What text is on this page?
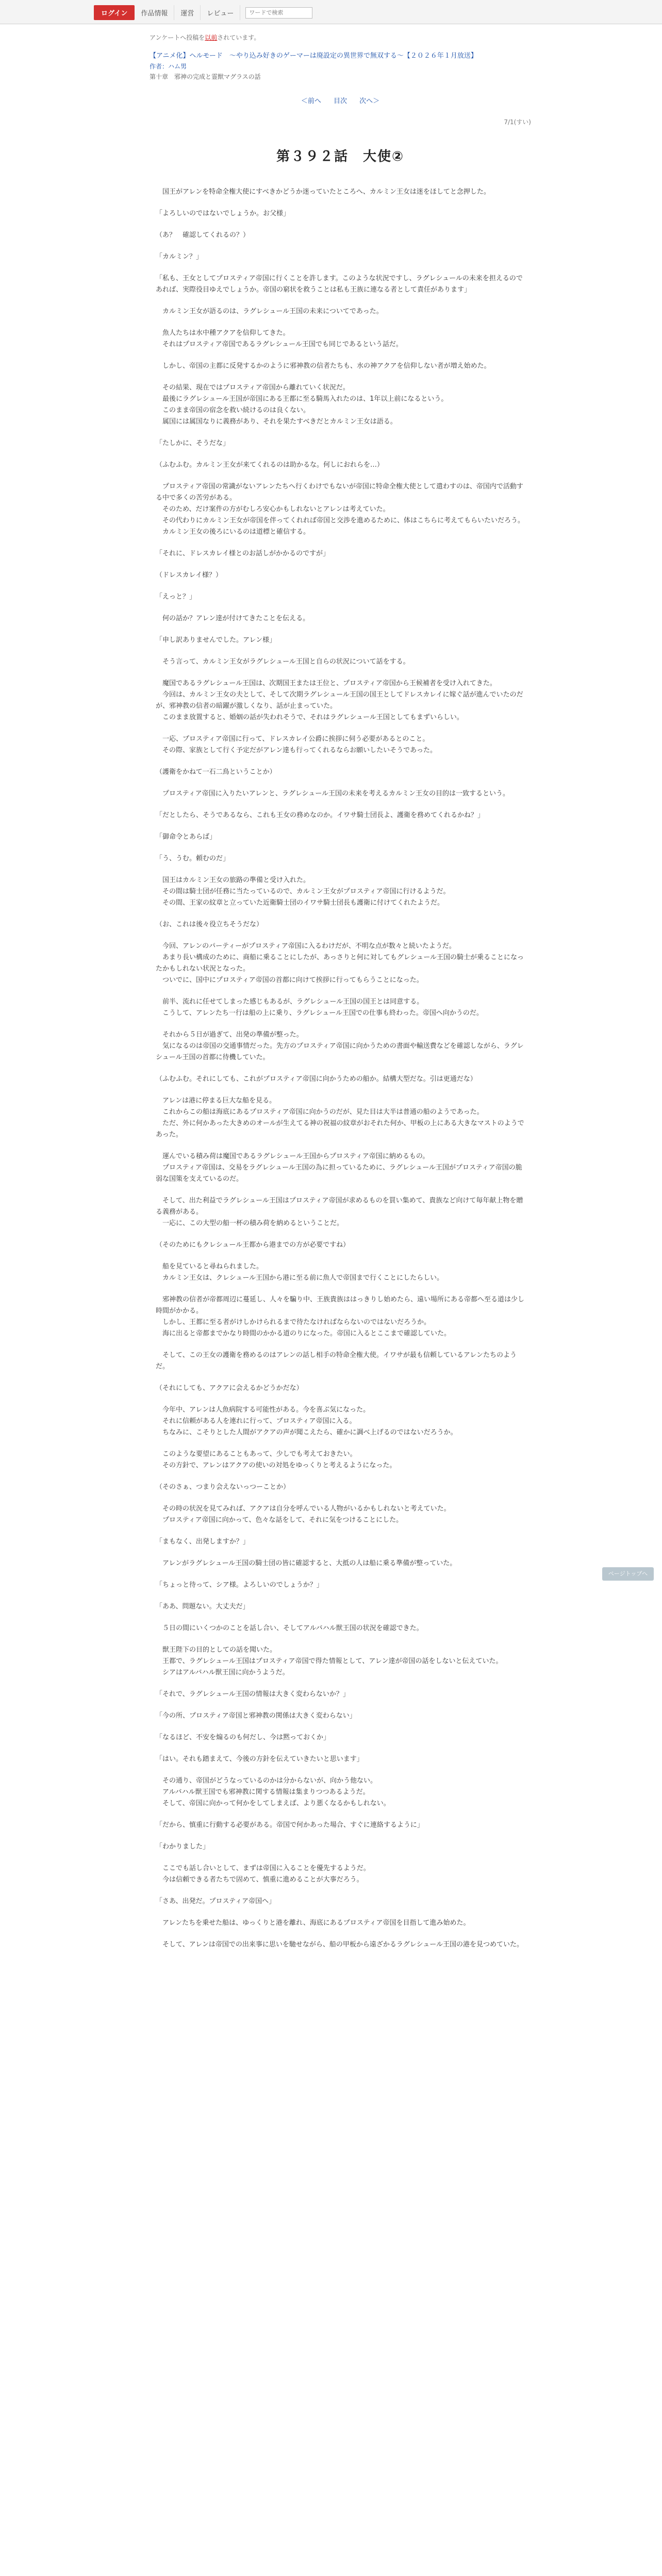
ログイン	作品情報	運営	レビュー
ワードで検索
アンケートへ投稿を以前されています。
【アニメ化】ヘルモード　～やり込み好きのゲーマーは廃設定の異世界で無双する～【２０２６年１月放送】
作者：ハム男
第十章　邪神の完成と霊獣マグラスの話
＜前へ 目次 次へ＞
7/1(すい)
第３９２話　大使②

　国王がアレンを特命全権大使にすべきかどうか迷っていたところへ、カルミン王女は迷をほしてと念押した。

「よろしいのではないでしょうか。お父様」

（あ？　確認してくれるの？）

「カルミン？」

「私も、王女としてプロスティア帝国に行くことを許します。このような状況ですし、ラグレシュールの未来を担えるのであれば、実際役目ゆえでしょうか。帝国の窮状を救うことは私も王族に連なる者として責任があります」

　カルミン王女が語るのは、ラグレシュール王国の未来についてであった。

　魚人たちは水中種アクアを信仰してきた。
　それはプロスティア帝国であるラグレシュール王国でも同じであるという話だ。

　しかし、帝国の主都に反発するかのように邪神教の信者たちも、水の神アクアを信仰しない者が増え始めた。

　その結果、現在ではプロスティア帝国から離れていく状況だ。
　最後にラグレシュール王国が帝国にある王都に至る騎馬入れたのは、1年以上前になるという。
　このまま帝国の宿念を救い続けるのは良くない。
　属国には属国なりに義務があり、それを果たすべきだとカルミン王女は語る。

「たしかに、そうだな」

（ふむふむ。カルミン王女が来てくれるのは助かるな。何しにおれらを…）

　プロスティア帝国の常識がないアレンたちへ行くわけでもないが帝国に特命全権大使として遣わすのは、帝国内で活動する中で多くの苦労がある。
　そのため、だけ案件の方がむしろ安心かもしれないとアレンは考えていた。
　その代わりにカルミン王女が帝国を伴ってくれれば帝国と交渉を進めるために、体はこちらに考えてもらいたいだろう。
　カルミン王女の後ろにいるのは道標と確信する。

「それに、ドレスカレイ様とのお話しがかかるのですが」

（ドレスカレイ様？）

「えっと？」

　何の話か？アレン達が付けてきたことを伝える。

「申し訳ありませんでした。アレン様」

　そう言って、カルミン王女がラグレシュール王国と自らの状況について話をする。

　魔国であるラグレシュール王国は、次期国王または王位と、プロスティア帝国から王候補者を受け入れてきた。
　今回は、カルミン王女の夫として、そして次期ラグレシュール王国の国王としてドレスカレイに嫁ぐ話が進んでいたのだが、邪神教の信者の暗躍が激しくなり、話が止まっていた。
　このまま放置すると、婚姻の話が失われそうで、それはラグレシュール王国としてもまずいらしい。

　一応、プロスティア帝国に行って、ドレスカレイ公爵に挨拶に伺う必要があるとのこと。
　その際、家族として行く予定だがアレン達も行ってくれるならお願いしたいそうであった。

（護衛をかねて一石二鳥ということか）

　プロスティア帝国に入りたいアレンと、ラグレシュール王国の未来を考えるカルミン王女の目的は一致するという。

「だとしたら、そうであるなら、これも王女の務めなのか。イワサ騎士団長よ、護衛を務めてくれるかね？」

「御命令とあらば」

「う、うむ。頼むのだ」

　国王はカルミン王女の旅路の準備と受け入れた。
　その間は騎士団が任務に当たっているので、カルミン王女がプロスティア帝国に行けるようだ。
　その間、王家の紋章と立っていた近衛騎士団のイワサ騎士団長も護衛に付けてくれたようだ。

（お、これは後々役立ちそうだな）

　今回、アレンのパーティーがプロスティア帝国に入るわけだが、不明な点が数々と続いたようだ。
　あまり長い構成のために、商船に乗ることにしたが、あっさりと何に対してもグレシュール王国の騎士が乗ることになったかもしれない状況となった。
　ついでに、国中にプロスティア帝国の首都に向けて挨拶に行ってもらうことになった。

　前半、流れに任せてしまった感じもあるが、ラグレシュール王国の国王とは同意する。
　こうして、アレンたち一行は船の上に乗り、ラグレシュール王国での仕事も終わった。帝国へ向かうのだ。

　それから５日が過ぎて、出発の準備が整った。
　気になるのは帝国の交通事情だった。先方のプロスティア帝国に向かうための書面や輸送費などを確認しながら、ラグレシュール王国の首都に待機していた。

（ふむふむ。それにしても、これがプロスティア帝国に向かうための船か。結構大型だな。引は更通だな）

　アレンは港に停まる巨大な船を見る。
　これからこの船は海底にあるプロスティア帝国に向かうのだが、見た目は大半は普通の船のようであった。
　ただ、外に何かあった大きめのオールが生えてる神の祝福の紋章がおそれた何か、甲板の上にある大きなマストのようであった。

　運んでいる積み荷は魔国であるラグレシュール王国からプロスティア帝国に納めるもの。
　プロスティア帝国は、交易をラグレシュール王国の為に担っているために、ラグレシュール王国がプロスティア帝国の脆弱な国策を支えているのだ。

　そして、出た利益でラグレシュール王国はプロスティア帝国が求めるものを買い集めて、貴族など向けて毎年献上物を贈る義務がある。
　一応に、この大型の船一杯の積み荷を納めるということだ。

（そのためにもクレシュール王都から港までの方が必要ですね）

　船を見ていると尋ねられました。
　カルミン王女は、クレシュール王国から港に至る前に魚人で帝国まで行くことにしたらしい。

　邪神教の信者が帝都周辺に蔓延し、人々を騙り中、王族貴族ははっきりし始めたら、遠い場所にある帝都へ至る道は少し時間がかかる。
　しかし、王都に至る者がけしかけられるまで待たなければならないのではないだろうか。
　海に出ると帝都までかなり時間のかかる道のりになった。帝国に入るとここまで確認していた。

　そして、この王女の護衛を務めるのはアレンの話し相手の特命全権大使。イワサが最も信頼しているアレンたちのようだ。

（それにしても、アクアに会えるかどうかだな）

　今年中、アレンは人魚病院する可能性がある。今を喜ぶ気になった。
　それに信頼がある人を連れに行って、プロスティア帝国に入る。
　ちなみに、こそりとした人間がアクアの声が聞こえたら、確かに調べ上げるのではないだろうか。

　このような要望にあることもあって、少しでも考えておきたい。
　その方針で、アレンはアクアの使いの対処をゆっくりと考えるようになった。

（そのさぁ、つまり会えないっつーことか）

　その時の状況を見てみれば、アクアは自分を呼んでいる人物がいるかもしれないと考えていた。
　プロスティア帝国に向かって、色々な話をして、それに気をつけることにした。

「まもなく、出発しますか？」

　アレンがラグレシュール王国の騎士団の皆に確認すると、大抵の人は船に乗る準備が整っていた。

「ちょっと待って、シア様。よろしいのでしょうか？」

「ああ、問題ない。大丈夫だ」

　５日の間にいくつかのことを話し合い、そしてアルバハル獣王国の状況を確認できた。

　獣王陛下の目的としての話を聞いた。
　王都で、ラグレシュール王国はプロスティア帝国で得た情報として、アレン達が帝国の話をしないと伝えていた。
　シアはアルバハル獣王国に向かうようだ。

「それで、ラグレシュール王国の情報は大きく変わらないか？」

「今の所、プロスティア帝国と邪神教の関係は大きく変わらない」

「なるほど、不安を煽るのも何だし、今は黙っておくか」

「はい。それも踏まえて、今後の方針を伝えていきたいと思います」

　その通り、帝国がどうなっているのかは分からないが、向かう他ない。
　アルバハル獣王国でも邪神教に関する情報は集まりつつあるようだ。
　そして、帝国に向かって何かをしてしまえば、より悪くなるかもしれない。

「だから、慎重に行動する必要がある。帝国で何かあった場合、すぐに連絡するように」

「わかりました」

　ここでも話し合いとして、まずは帝国に入ることを優先するようだ。
　今は信頼できる者たちで固めて、慎重に進めることが大事だろう。

「さあ、出発だ。プロスティア帝国へ」

　アレンたちを乗せた船は、ゆっくりと港を離れ、海底にあるプロスティア帝国を目指して進み始めた。

　そして、アレンは帝国での出来事に思いを馳せながら、船の甲板から遠ざかるラグレシュール王国の港を見つめていた。

ページトップへ
